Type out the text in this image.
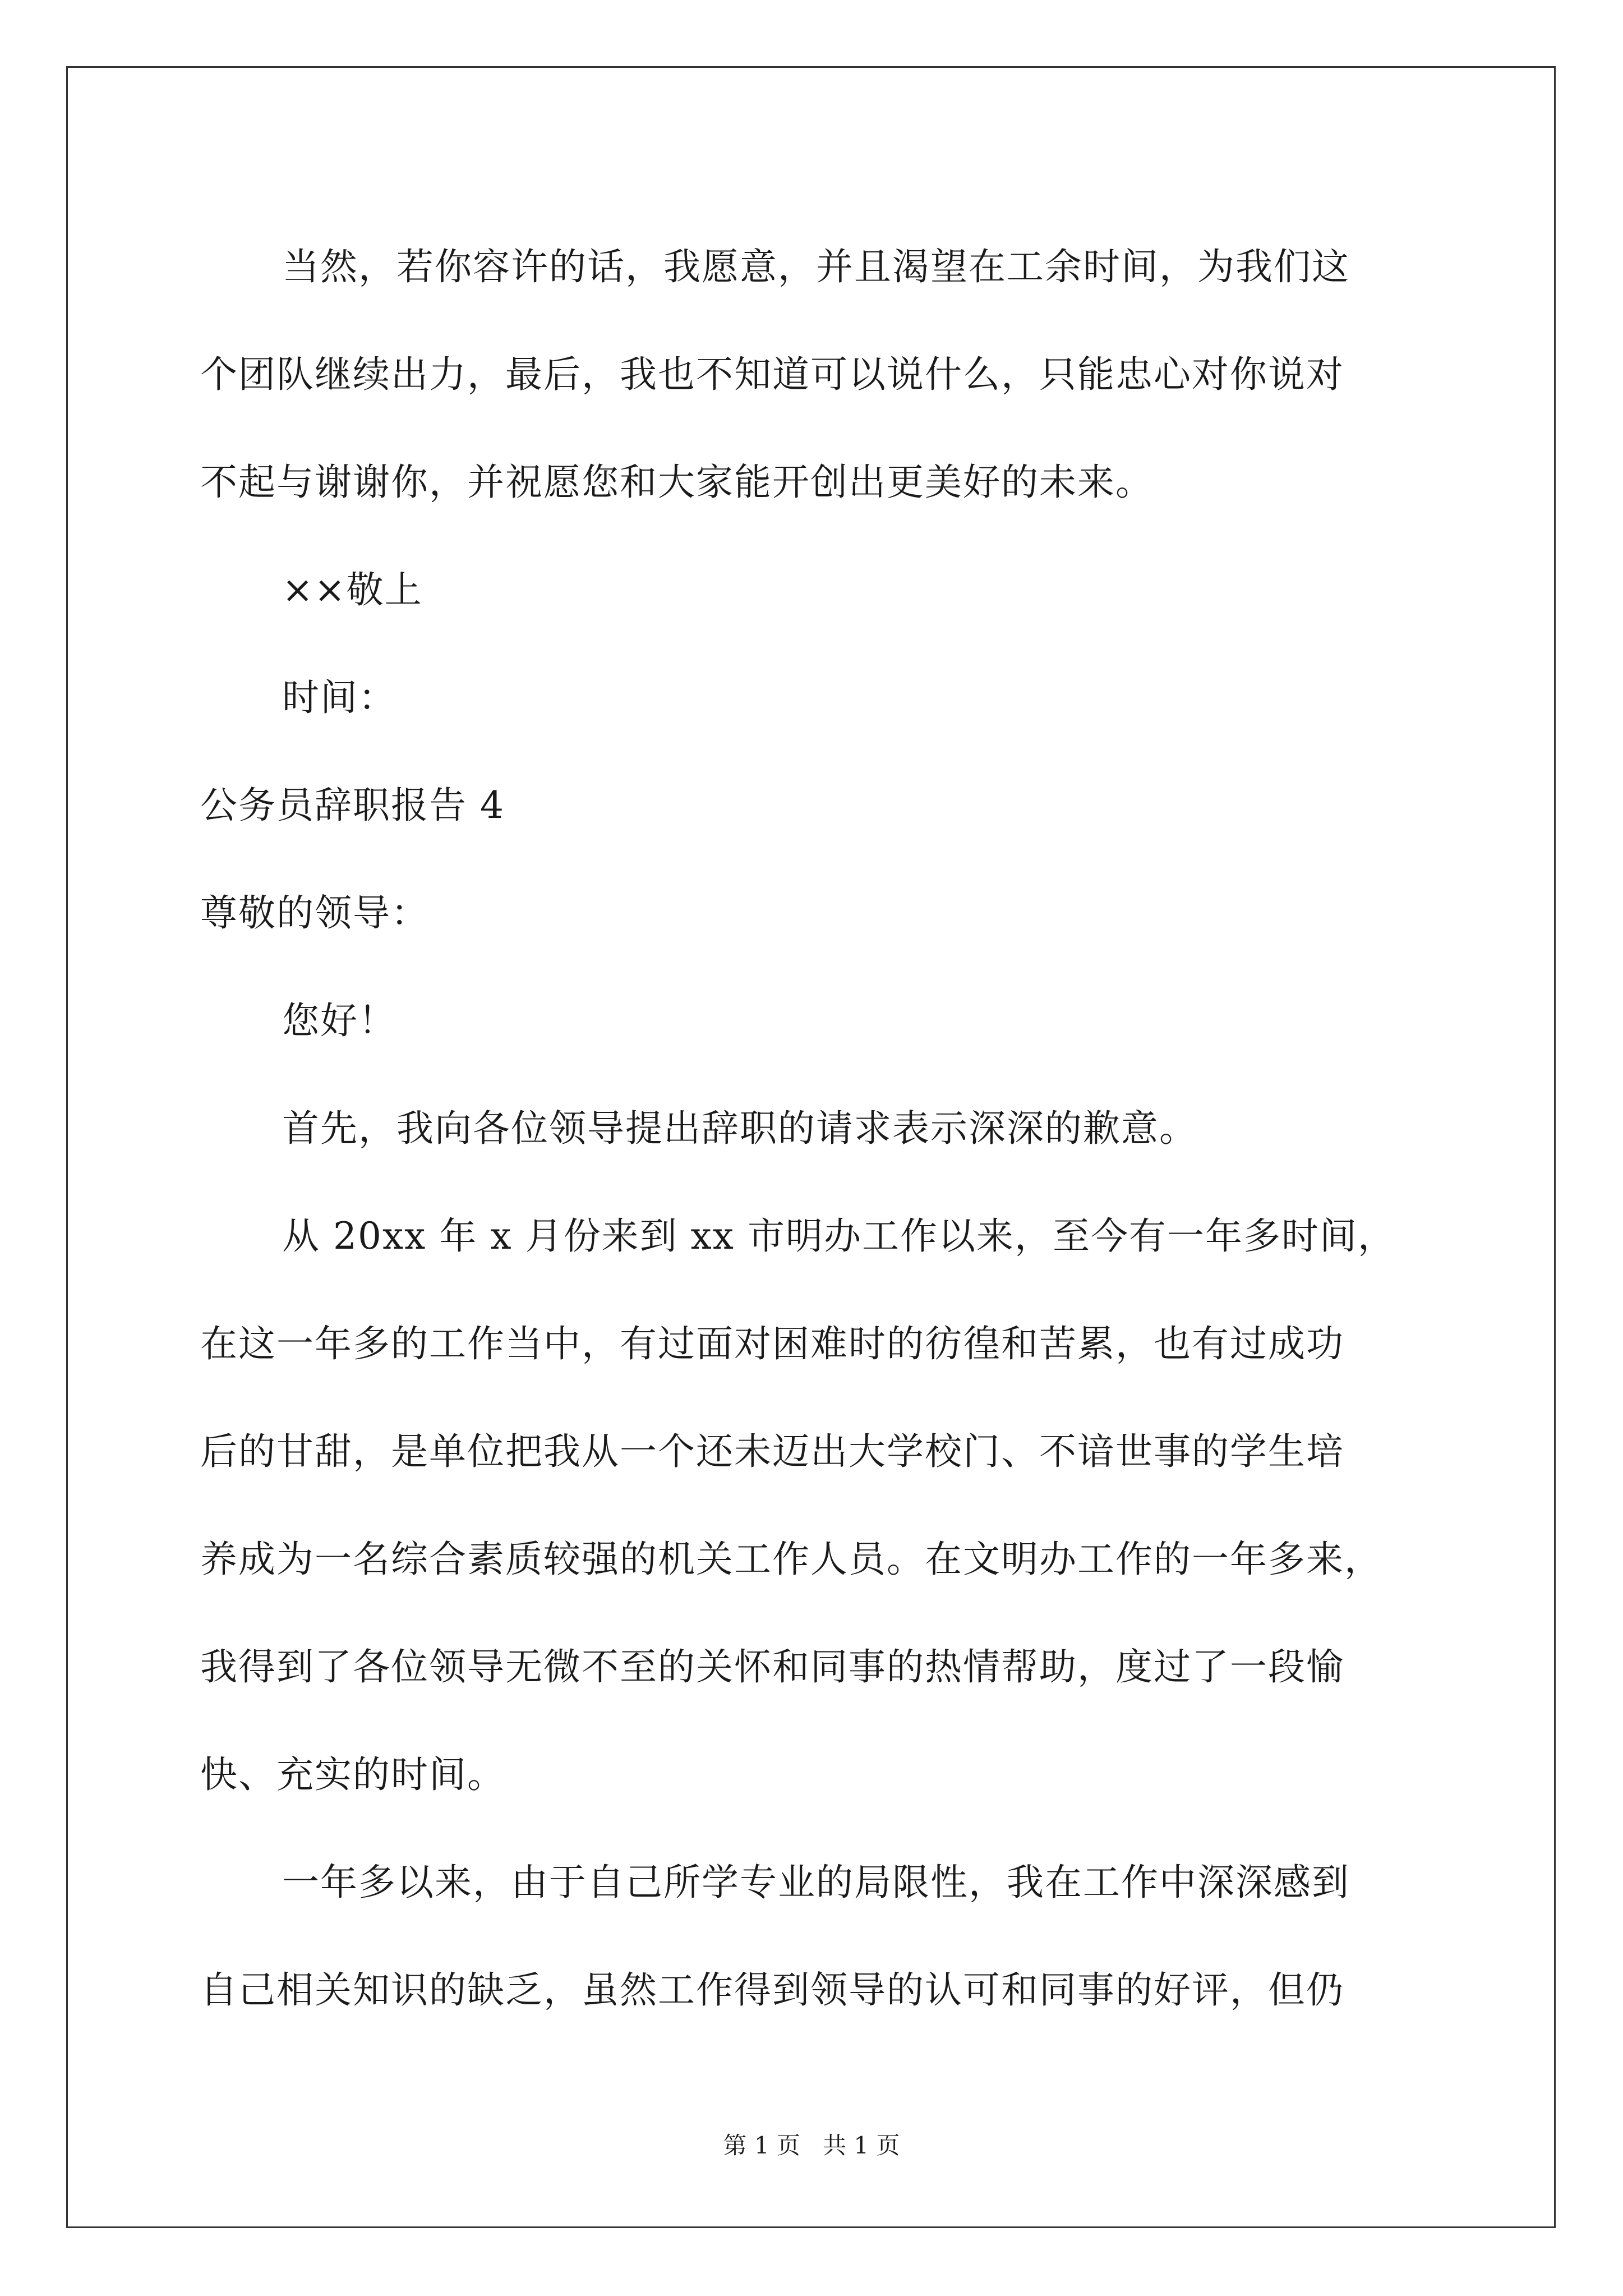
当然，若你容许的话，我愿意，并且渴望在工余时间，为我们这
个团队继续出力，最后，我也不知道可以说什么，只能忠心对你说对
不起与谢谢你，并祝愿您和大家能开创出更美好的未来。
××敬上
时间：
公务员辞职报告 4
尊敬的领导：
您好！
首先，我向各位领导提出辞职的请求表示深深的歉意。
从 20xx 年 x 月份来到 xx 市明办工作以来，至今有一年多时间，
在这一年多的工作当中，有过面对困难时的彷徨和苦累，也有过成功
后的甘甜，是单位把我从一个还未迈出大学校门、不谙世事的学生培
养成为一名综合素质较强的机关工作人员。在文明办工作的一年多来，
我得到了各位领导无微不至的关怀和同事的热情帮助，度过了一段愉
快、充实的时间。
一年多以来，由于自己所学专业的局限性，我在工作中深深感到
自己相关知识的缺乏，虽然工作得到领导的认可和同事的好评，但仍
第 1 页   共 1 页
